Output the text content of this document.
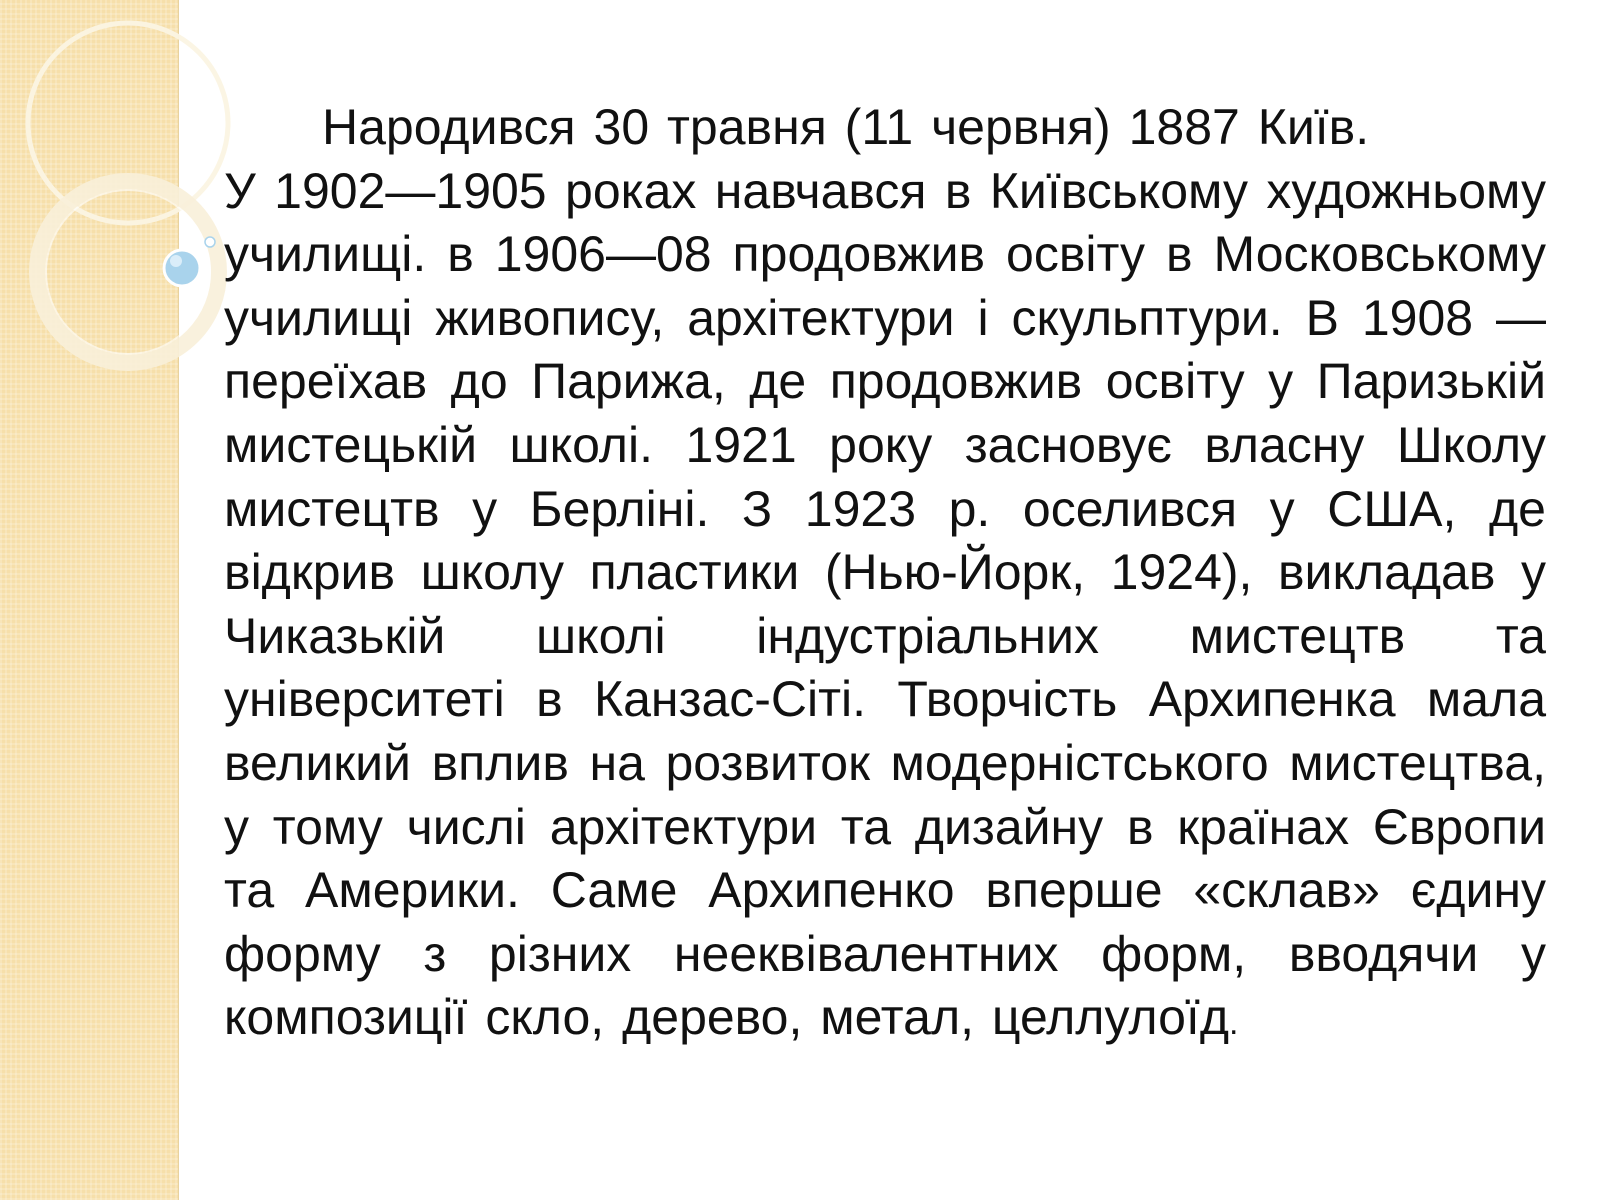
Народився 30 травня (11 червня) 1887 Київ.
У 1902—1905 роках навчався в Київському художньому училищі. в 1906—08 продовжив освіту в Московському училищі живопису, архітектури і скульптури. В 1908 — переїхав до Парижа, де продовжив освіту у Паризькій мистецькій школі. 1921 року засновує власну Школу мистецтв у Берліні. З 1923 р. оселився у США, де відкрив школу пластики (Нью-Йорк, 1924), викладав у Чиказькій школі індустріальних мистецтв та університеті в Канзас-Сіті. Творчість Архипенка мала великий вплив на розвиток модерністського мистецтва, у тому числі архітектури та дизайну в країнах Європи та Америки. Саме Архипенко вперше «склав» єдину форму з різних нееквівалентних форм, вводячи у композиції скло, дерево, метал, целлулоїд.
